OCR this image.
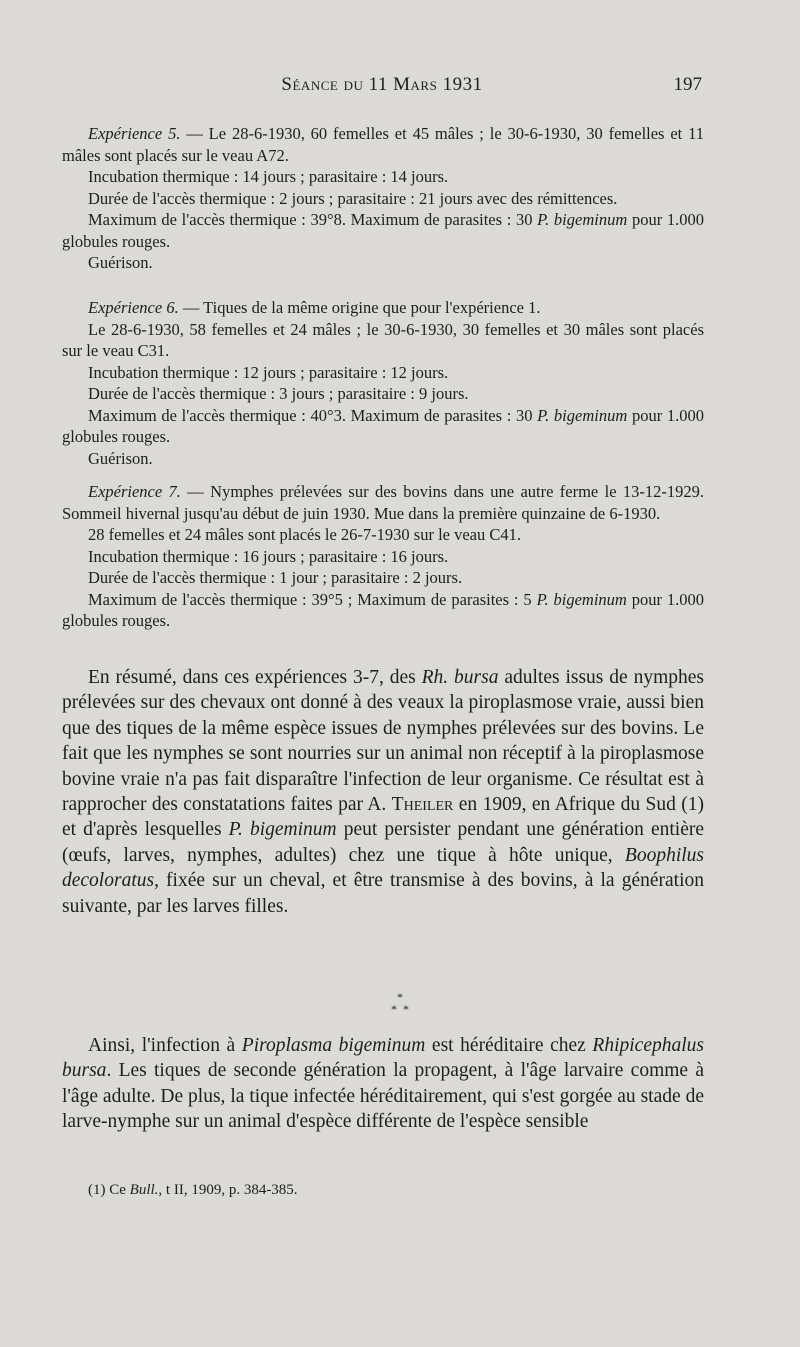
Séance du 11 Mars 1931	197

Expérience 5. — Le 28-6-1930, 60 femelles et 45 mâles ; le 30-6-1930, 30 femelles et 11 mâles sont placés sur le veau A72.

Incubation thermique : 14 jours ; parasitaire : 14 jours.

Durée de l'accès thermique : 2 jours ; parasitaire : 21 jours avec des rémittences.

Maximum de l'accès thermique : 39°8. Maximum de parasites : 30 P. bigeminum pour 1.000 globules rouges.

Guérison.

Expérience 6. — Tiques de la même origine que pour l'expérience 1.

Le 28-6-1930, 58 femelles et 24 mâles ; le 30-6-1930, 30 femelles et 30 mâles sont placés sur le veau C31.

Incubation thermique : 12 jours ; parasitaire : 12 jours.

Durée de l'accès thermique : 3 jours ; parasitaire : 9 jours.

Maximum de l'accès thermique : 40°3. Maximum de parasites : 30 P. bigeminum pour 1.000 globules rouges.

Guérison.

Expérience 7. — Nymphes prélevées sur des bovins dans une autre ferme le 13-12-1929. Sommeil hivernal jusqu'au début de juin 1930. Mue dans la première quinzaine de 6-1930.

28 femelles et 24 mâles sont placés le 26-7-1930 sur le veau C41.

Incubation thermique : 16 jours ; parasitaire : 16 jours.

Durée de l'accès thermique : 1 jour ; parasitaire : 2 jours.

Maximum de l'accès thermique : 39°5 ; Maximum de parasites : 5 P. bigeminum pour 1.000 globules rouges.

En résumé, dans ces expériences 3-7, des Rh. bursa adultes issus de nymphes prélevées sur des chevaux ont donné à des veaux la piroplasmose vraie, aussi bien que des tiques de la même espèce issues de nymphes prélevées sur des bovins. Le fait que les nymphes se sont nourries sur un animal non réceptif à la piroplasmose bovine vraie n'a pas fait disparaître l'infection de leur organisme. Ce résultat est à rapprocher des constatations faites par A. Theiler en 1909, en Afrique du Sud (1) et d'après lesquelles P. bigeminum peut persister pendant une génération entière (œufs, larves, nymphes, adultes) chez une tique à hôte unique, Boophilus decoloratus, fixée sur un cheval, et être transmise à des bovins, à la génération suivante, par les larves filles.

*
*  *

Ainsi, l'infection à Piroplasma bigeminum est héréditaire chez Rhipicephalus bursa. Les tiques de seconde génération la propagent, à l'âge larvaire comme à l'âge adulte. De plus, la tique infectée héréditairement, qui s'est gorgée au stade de larve-nymphe sur un animal d'espèce différente de l'espèce sensible

(1) Ce Bull., t II, 1909, p. 384-385.
